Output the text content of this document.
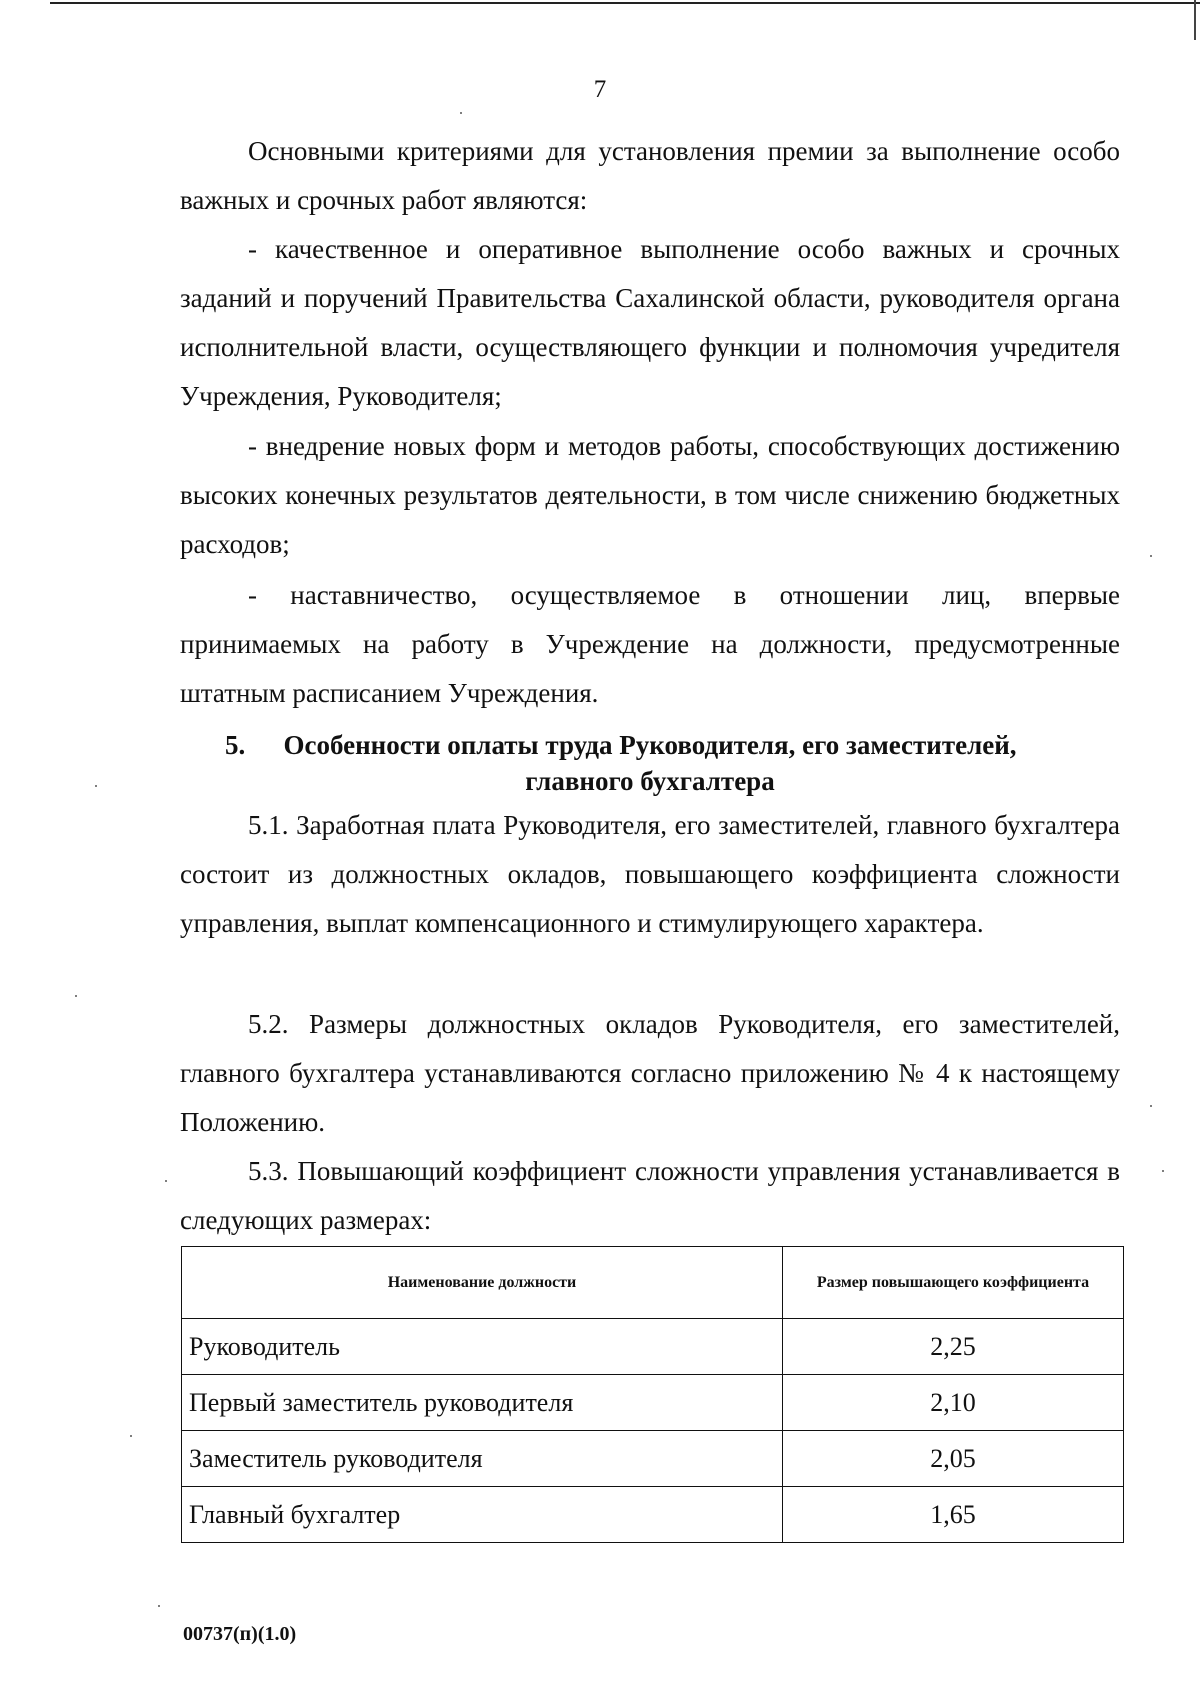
7

Основными критериями для установления премии за выполнение особо важных и срочных работ являются:

- качественное и оперативное выполнение особо важных и срочных заданий и поручений Правительства Сахалинской области, руководителя органа исполнительной власти, осуществляющего функции и полномочия учредителя Учреждения, Руководителя;

- внедрение новых форм и методов работы, способствующих достижению высоких конечных результатов деятельности, в том числе снижению бюджетных расходов;

- наставничество, осуществляемое в отношении лиц, впервые принимаемых на работу в Учреждение на должности, предусмотренные штатным расписанием Учреждения.

5.	Особенности оплаты труда Руководителя, его заместителей,
главного бухгалтера

5.1. Заработная плата Руководителя, его заместителей, главного бухгалтера состоит из должностных окладов, повышающего коэффициента сложности управления, выплат компенсационного и стимулирующего характера.

5.2. Размеры должностных окладов Руководителя, его заместителей, главного бухгалтера устанавливаются согласно приложению № 4 к настоящему Положению.

5.3. Повышающий коэффициент сложности управления устанавливается в следующих размерах:

Наименование должности	Размер повышающего коэффициента
Руководитель	2,25
Первый заместитель руководителя	2,10
Заместитель руководителя	2,05
Главный бухгалтер	1,65
00737(п)(1.0)
